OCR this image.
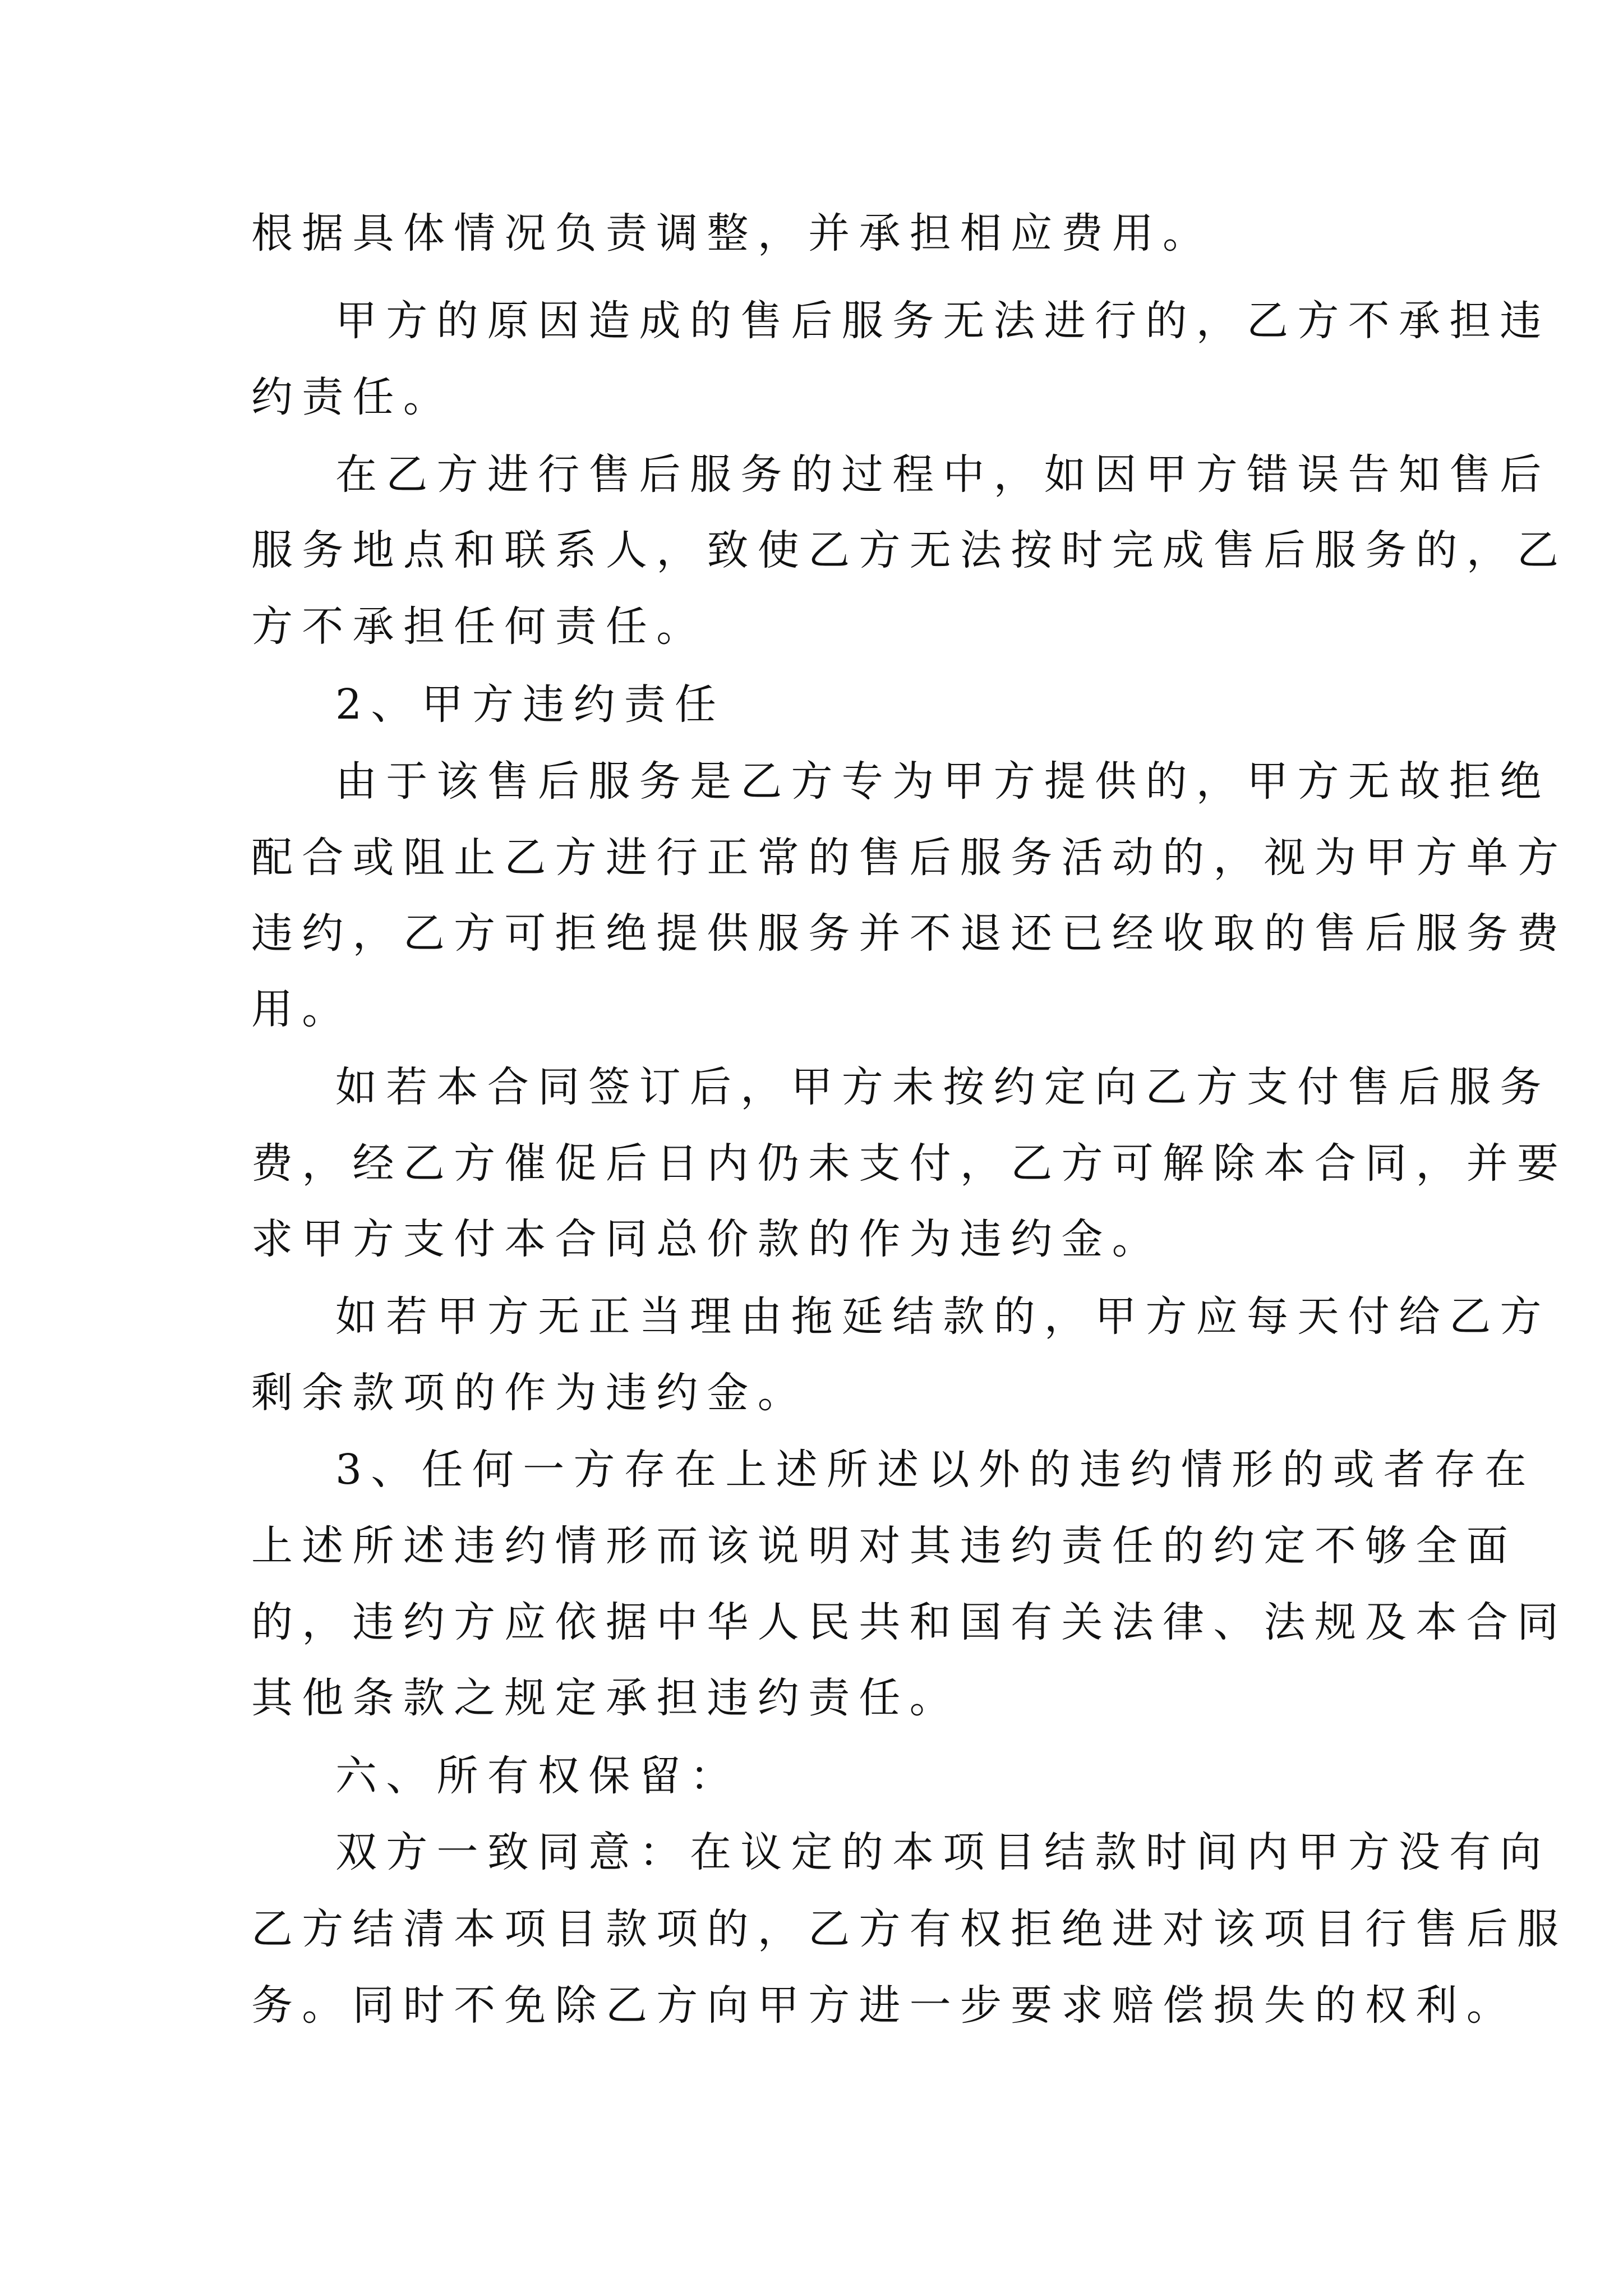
根据具体情况负责调整，并承担相应费用。
甲方的原因造成的售后服务无法进行的，乙方不承担违
约责任。
在乙方进行售后服务的过程中，如因甲方错误告知售后
服务地点和联系人，致使乙方无法按时完成售后服务的，乙
方不承担任何责任。
2、甲方违约责任
由于该售后服务是乙方专为甲方提供的，甲方无故拒绝
配合或阻止乙方进行正常的售后服务活动的，视为甲方单方
违约，乙方可拒绝提供服务并不退还已经收取的售后服务费
用。
如若本合同签订后，甲方未按约定向乙方支付售后服务
费，经乙方催促后日内仍未支付，乙方可解除本合同，并要
求甲方支付本合同总价款的作为违约金。
如若甲方无正当理由拖延结款的，甲方应每天付给乙方
剩余款项的作为违约金。
3、任何一方存在上述所述以外的违约情形的或者存在
上述所述违约情形而该说明对其违约责任的约定不够全面
的，违约方应依据中华人民共和国有关法律、法规及本合同
其他条款之规定承担违约责任。
六、所有权保留：
双方一致同意：在议定的本项目结款时间内甲方没有向
乙方结清本项目款项的，乙方有权拒绝进对该项目行售后服
务。同时不免除乙方向甲方进一步要求赔偿损失的权利。
